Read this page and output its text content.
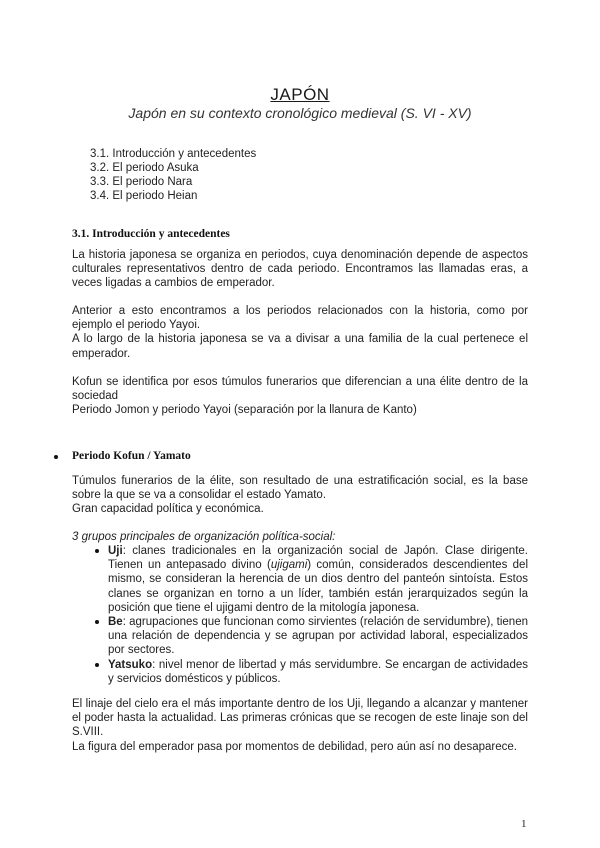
JAPÓN
Japón en su contexto cronológico medieval (S. VI - XV)
3.1. Introducción y antecedentes
3.2. El periodo Asuka
3.3. El periodo Nara
3.4. El periodo Heian
3.1. Introducción y antecedentes

La historia japonesa se organiza en periodos, cuya denominación depende de aspectos culturales representativos dentro de cada periodo. Encontramos las llamadas eras, a veces ligadas a cambios de emperador.

Anterior a esto encontramos a los periodos relacionados con la historia, como por ejemplo el periodo Yayoi.

A lo largo de la historia japonesa se va a divisar a una familia de la cual pertenece el emperador.

Kofun se identifica por esos túmulos funerarios que diferencian a una élite dentro de la sociedad

Periodo Jomon y periodo Yayoi (separación por la llanura de Kanto)

Periodo Kofun / Yamato

Túmulos funerarios de la élite, son resultado de una estratificación social, es la base sobre la que se va a consolidar el estado Yamato.

Gran capacidad política y económica.

3 grupos principales de organización política-social:
Uji: clanes tradicionales en la organización social de Japón. Clase dirigente. Tienen un antepasado divino (ujigami) común, considerados descendientes del mismo, se consideran la herencia de un dios dentro del panteón sintoísta. Estos clanes se organizan en torno a un líder, también están jerarquizados según la posición que tiene el ujigami dentro de la mitología japonesa.
Be: agrupaciones que funcionan como sirvientes (relación de servidumbre), tienen una relación de dependencia y se agrupan por actividad laboral, especializados por sectores.
Yatsuko: nivel menor de libertad y más servidumbre. Se encargan de actividades y servicios domésticos y públicos.

El linaje del cielo era el más importante dentro de los Uji, llegando a alcanzar y mantener el poder hasta la actualidad. Las primeras crónicas que se recogen de este linaje son del S.VIII.

La figura del emperador pasa por momentos de debilidad, pero aún así no desaparece.

1
